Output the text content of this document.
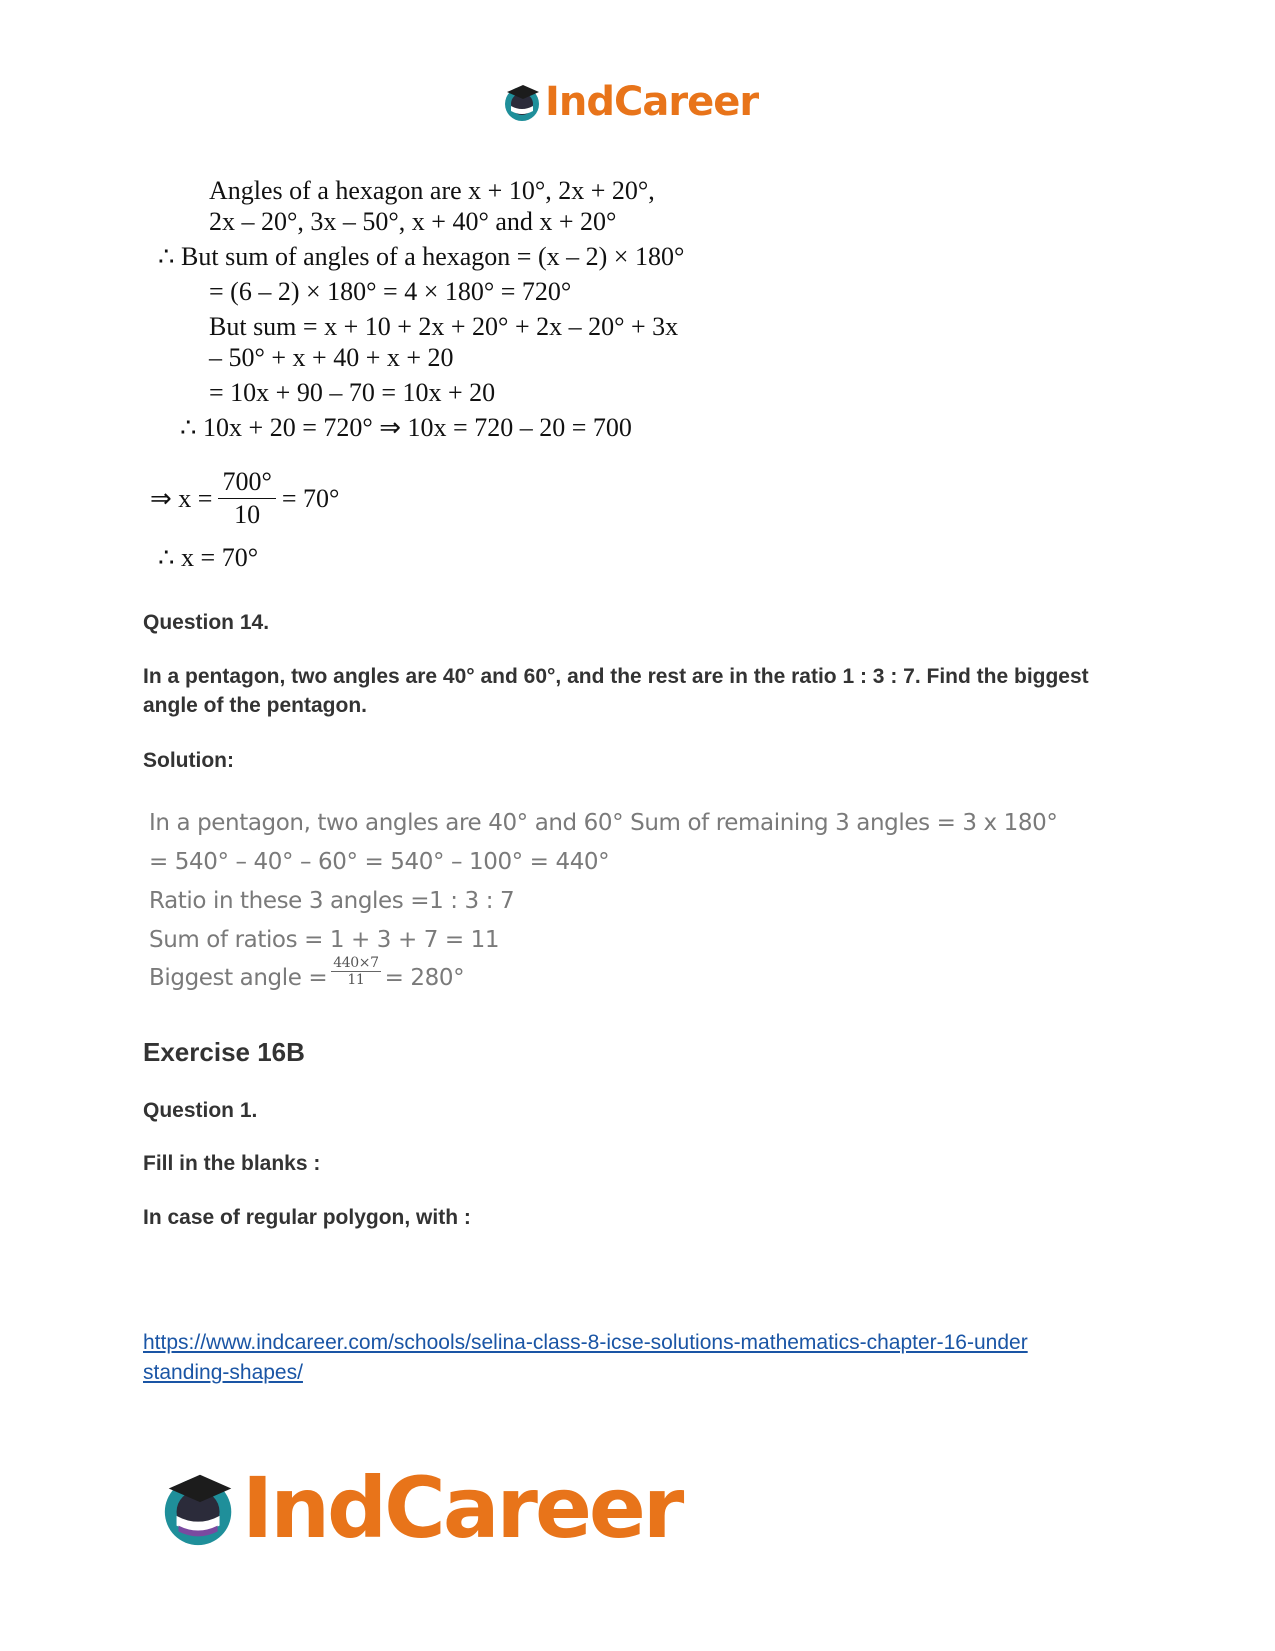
IndCareer
Angles of a hexagon are x + 10°, 2x + 20°,
2x – 20°, 3x – 50°, x + 40° and x + 20°
∴ But sum of angles of a hexagon = (x – 2) × 180°
= (6 – 2) × 180° = 4 × 180° = 720°
But sum = x + 10 + 2x + 20° + 2x – 20° + 3x
– 50° + x + 40 + x + 20
= 10x + 90 – 70 = 10x + 20
∴ 10x + 20 = 720° ⇒ 10x = 720 – 20 = 700
⇒ $x = \frac{700^\circ}{10} = 70^\circ$
∴ x = 70°
Question 14.
In a pentagon, two angles are 40° and 60°, and the rest are in the ratio 1 : 3 : 7. Find the biggest
angle of the pentagon.
Solution:
In a pentagon, two angles are 40° and 60° Sum of remaining 3 angles = 3 x 180°
= 540° – 40° – 60° = 540° – 100° = 440°
Ratio in these 3 angles =1 : 3 : 7
Sum of ratios = 1 + 3 + 7 = 11
Biggest angle = $\frac{440\times 7}{11} = 280^\circ$
Exercise 16B
Question 1.
Fill in the blanks :
In case of regular polygon, with :
https://www.indcareer.com/schools/selina-class-8-icse-solutions-mathematics-chapter-16-under
standing-shapes/
IndCareer
